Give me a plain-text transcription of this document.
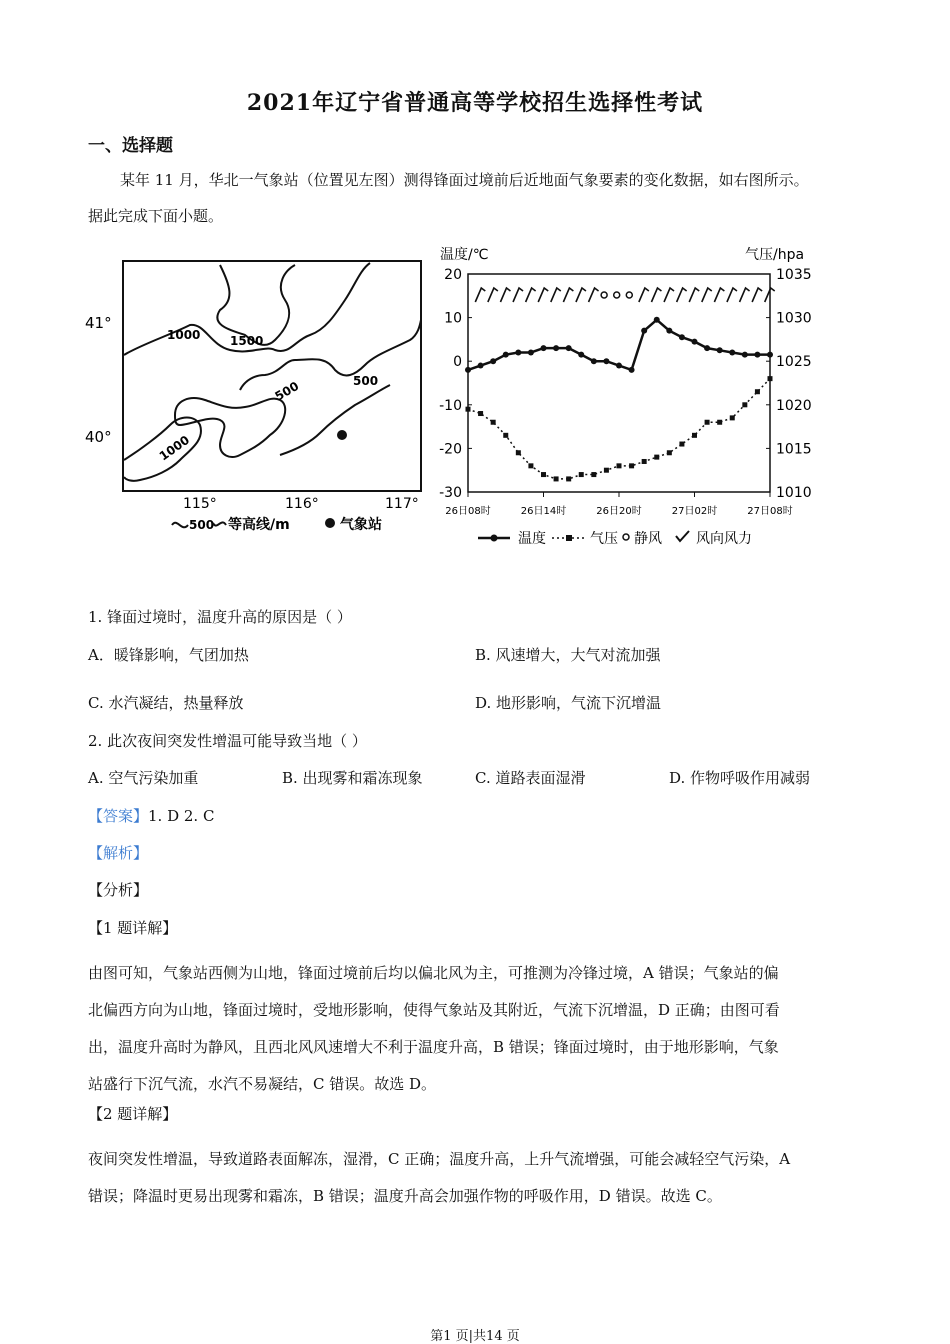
2021年辽宁省普通高等学校招生选择性考试
一、选择题
某年 11 月，华北一气象站（位置见左图）测得锋面过境前后近地面气象要素的变化数据，如右图所示。
据此完成下面小题。
1000 1500
500
500
1000
41°
40°
115°	116°	117°
500 等高线/m	气象站
温度/℃	气压/hpa
20
10
0
-10
-20
-30
1035
1030
1025
1020
1015
1010
26日08时	26日14时	26日20时	27日02时	27日08时
温度	气压 静风 风向风力
1. 锋面过境时，温度升高的原因是（ ）
A．暖锋影响，气团加热	B. 风速增大，大气对流加强
C. 水汽凝结，热量释放	D. 地形影响，气流下沉增温
2. 此次夜间突发性增温可能导致当地（ ）
A. 空气污染加重	B. 出现雾和霜冻现象	C. 道路表面湿滑	D. 作物呼吸作用减弱
【答案】1. D 2. C
【解析】
【分析】
【1 题详解】
由图可知，气象站西侧为山地，锋面过境前后均以偏北风为主，可推测为冷锋过境，A 错误；气象站的偏
北偏西方向为山地，锋面过境时，受地形影响，使得气象站及其附近，气流下沉增温，D 正确；由图可看
出，温度升高时为静风，且西北风风速增大不利于温度升高，B 错误；锋面过境时，由于地形影响，气象
站盛行下沉气流，水汽不易凝结，C 错误。故选 D。
【2 题详解】
夜间突发性增温，导致道路表面解冻，湿滑，C 正确；温度升高，上升气流增强，可能会减轻空气污染，A
错误；降温时更易出现雾和霜冻，B 错误；温度升高会加强作物的呼吸作用，D 错误。故选 C。
第1 页|共14 页
